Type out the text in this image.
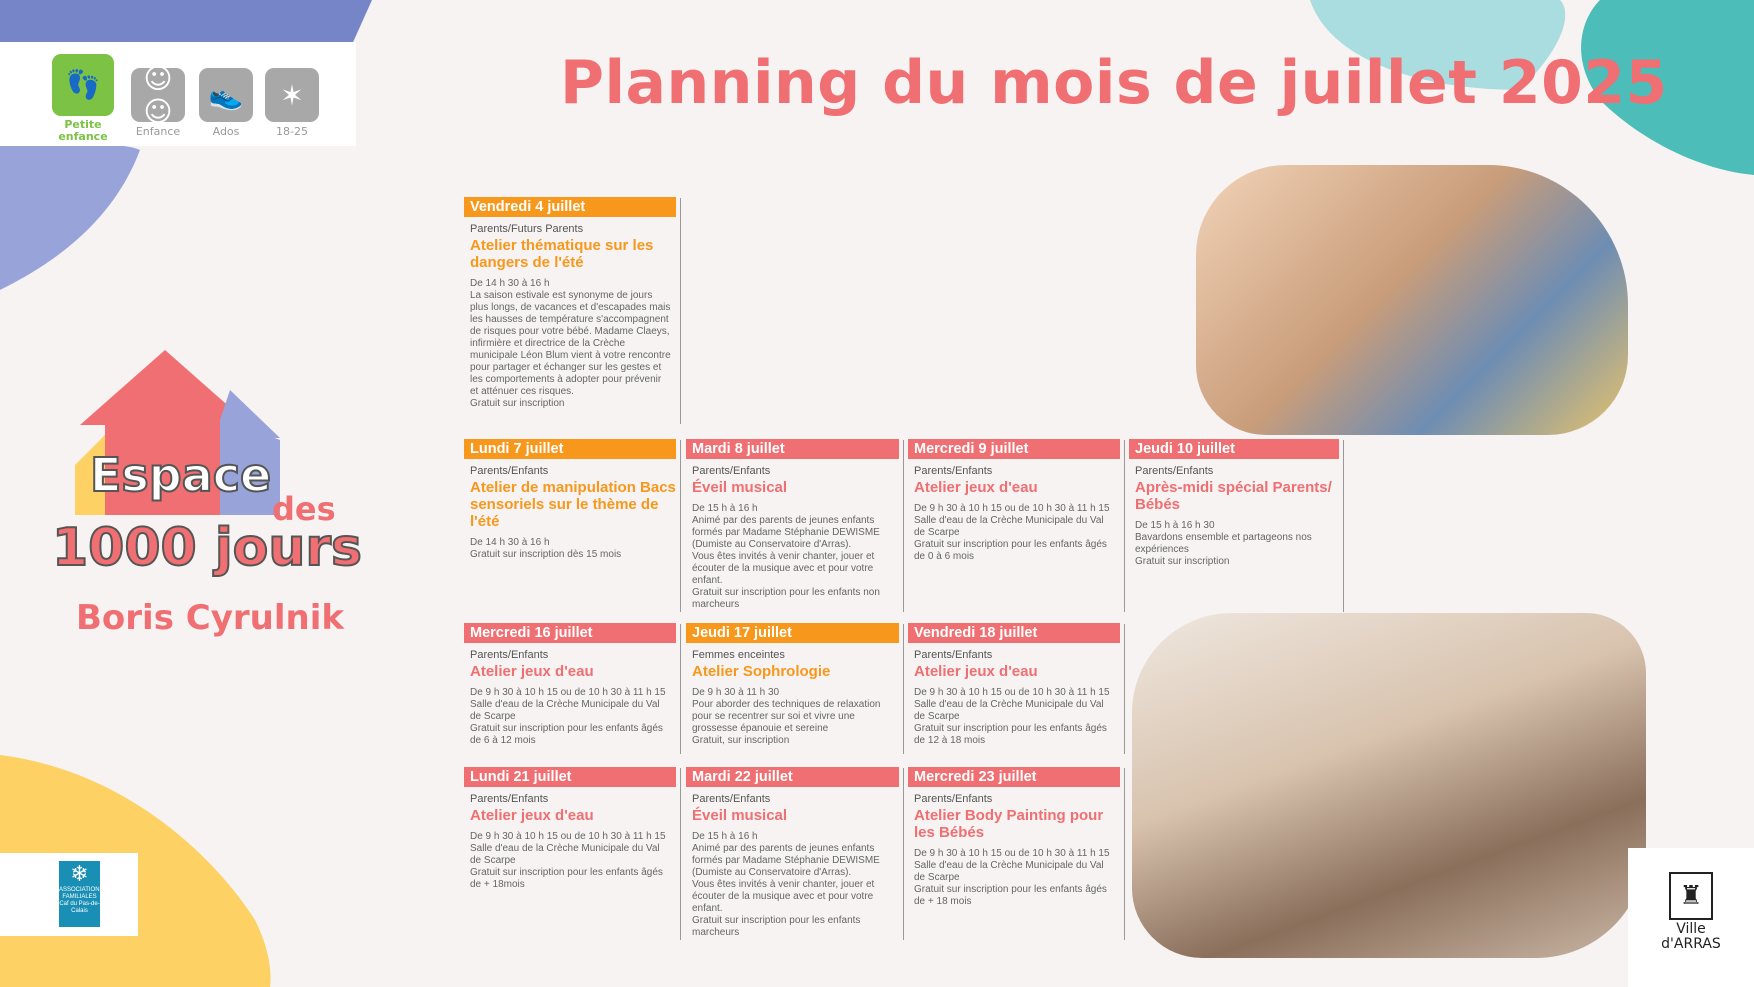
👣
Petite enfance
☺☺
Enfance
👟
Ados
✶
18-25
Planning du mois de juillet 2025
Espace
des
1000 jours
Boris Cyrulnik
Vendredi 4 juillet
Parents/Futurs Parents
Atelier thématique sur les dangers de l'été
De 14 h 30 à 16 h
La saison estivale est synonyme de jours plus longs, de vacances et d'escapades mais les hausses de température s'accompagnent de risques pour votre bébé. Madame Claeys, infirmière et directrice de la Crèche municipale Léon Blum vient à votre rencontre pour partager et échanger sur les gestes et les comportements à adopter pour prévenir et atténuer ces risques.
Gratuit sur inscription
Lundi 7 juillet
Parents/Enfants
Atelier de manipulation Bacs sensoriels sur le thème de l'été
De 14 h 30 à 16 h
Gratuit sur inscription dès 15 mois
Mardi 8 juillet
Parents/Enfants
Éveil musical
De 15 h à 16 h
Animé par des parents de jeunes enfants formés par Madame Stéphanie DEWISME (Dumiste au Conservatoire d'Arras).
Vous êtes invités à venir chanter, jouer et écouter de la musique avec et pour votre enfant.
Gratuit sur inscription pour les enfants non marcheurs
Mercredi 9 juillet
Parents/Enfants
Atelier jeux d'eau
De 9 h 30 à 10 h 15 ou de 10 h 30 à 11 h 15
Salle d'eau de la Crèche Municipale du Val de Scarpe
Gratuit sur inscription pour les enfants âgés de 0 à 6 mois
Jeudi 10 juillet
Parents/Enfants
Après-midi spécial Parents/ Bébés
De 15 h à 16 h 30
Bavardons ensemble et partageons nos expériences
Gratuit sur inscription
Mercredi 16 juillet
Parents/Enfants
Atelier jeux d'eau
De 9 h 30 à 10 h 15 ou de 10 h 30 à 11 h 15
Salle d'eau de la Crèche Municipale du Val de Scarpe
Gratuit sur inscription pour les enfants âgés de 6 à 12 mois
Jeudi 17 juillet
Femmes enceintes
Atelier Sophrologie
De 9 h 30 à 11 h 30
Pour aborder des techniques de relaxation pour se recentrer sur soi et vivre une grossesse épanouie et sereine
Gratuit, sur inscription
Vendredi 18 juillet
Parents/Enfants
Atelier jeux d'eau
De 9 h 30 à 10 h 15 ou de 10 h 30 à 11 h 15
Salle d'eau de la Crèche Municipale du Val de Scarpe
Gratuit sur inscription pour les enfants âgés de 12 à 18 mois
Lundi 21 juillet
Parents/Enfants
Atelier jeux d'eau
De 9 h 30 à 10 h 15 ou de 10 h 30 à 11 h 15
Salle d'eau de la Crèche Municipale du Val de Scarpe
Gratuit sur inscription pour les enfants âgés de + 18mois
Mardi 22 juillet
Parents/Enfants
Éveil musical
De 15 h à 16 h
Animé par des parents de jeunes enfants formés par Madame Stéphanie DEWISME (Dumiste au Conservatoire d'Arras).
Vous êtes invités à venir chanter, jouer et écouter de la musique avec et pour votre enfant.
Gratuit sur inscription pour les enfants marcheurs
Mercredi 23 juillet
Parents/Enfants
Atelier Body Painting pour les Bébés
De 9 h 30 à 10 h 15 ou de 10 h 30 à 11 h 15
Salle d'eau de la Crèche Municipale du Val de Scarpe
Gratuit sur inscription pour les enfants âgés de + 18 mois
❄
ASSOCIATIONS FAMILIALES Caf du Pas-de-Calais
♜
Ville d'ARRAS
